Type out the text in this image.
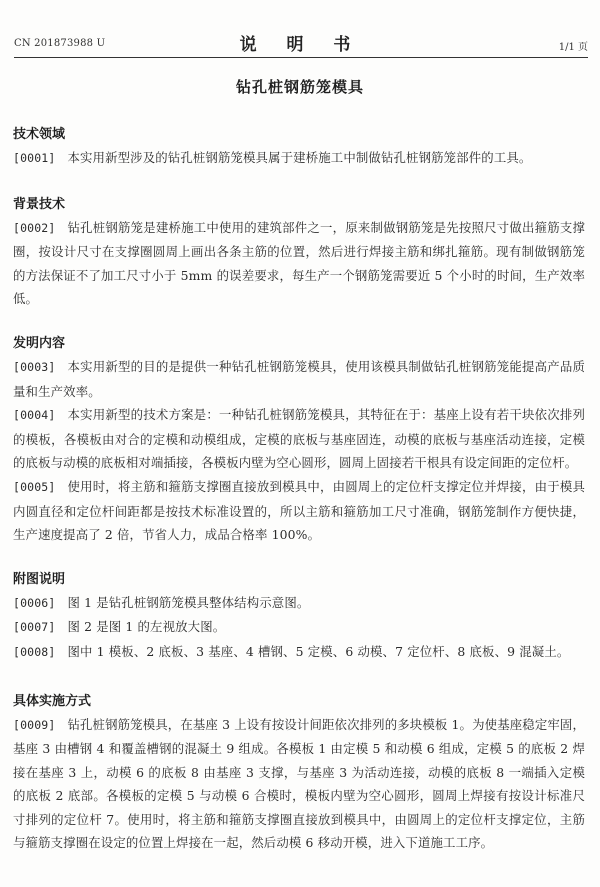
CN 201873988 U	说 明 书	1/1 页
钻孔桩钢筋笼模具

技术领域

[0001] 本实用新型涉及的钻孔桩钢筋笼模具属于建桥施工中制做钻孔桩钢筋笼部件的工具。

背景技术

[0002] 钻孔桩钢筋笼是建桥施工中使用的建筑部件之一，原来制做钢筋笼是先按照尺寸做出箍筋支撑圈，按设计尺寸在支撑圈圆周上画出各条主筋的位置，然后进行焊接主筋和绑扎箍筋。现有制做钢筋笼的方法保证不了加工尺寸小于 5mm 的误差要求，每生产一个钢筋笼需要近 5 个小时的时间，生产效率低。

发明内容

[0003] 本实用新型的目的是提供一种钻孔桩钢筋笼模具，使用该模具制做钻孔桩钢筋笼能提高产品质量和生产效率。

[0004] 本实用新型的技术方案是：一种钻孔桩钢筋笼模具，其特征在于：基座上设有若干块依次排列的模板，各模板由对合的定模和动模组成，定模的底板与基座固连，动模的底板与基座活动连接，定模的底板与动模的底板相对端插接，各模板内壁为空心圆形，圆周上固接若干根具有设定间距的定位杆。

[0005] 使用时，将主筋和箍筋支撑圈直接放到模具中，由圆周上的定位杆支撑定位并焊接，由于模具内圆直径和定位杆间距都是按技术标准设置的，所以主筋和箍筋加工尺寸准确，钢筋笼制作方便快捷，生产速度提高了 2 倍，节省人力，成品合格率 100%。

附图说明

[0006] 图 1 是钻孔桩钢筋笼模具整体结构示意图。

[0007] 图 2 是图 1 的左视放大图。

[0008] 图中 1 模板、2 底板、3 基座、4 槽钢、5 定模、6 动模、7 定位杆、8 底板、9 混凝土。

具体实施方式

[0009] 钻孔桩钢筋笼模具，在基座 3 上设有按设计间距依次排列的多块模板 1。为使基座稳定牢固，基座 3 由槽钢 4 和覆盖槽钢的混凝土 9 组成。各模板 1 由定模 5 和动模 6 组成，定模 5 的底板 2 焊接在基座 3 上，动模 6 的底板 8 由基座 3 支撑，与基座 3 为活动连接，动模的底板 8 一端插入定模的底板 2 底部。各模板的定模 5 与动模 6 合模时，模板内壁为空心圆形，圆周上焊接有按设计标准尺寸排列的定位杆 7。使用时，将主筋和箍筋支撑圈直接放到模具中，由圆周上的定位杆支撑定位，主筋与箍筋支撑圈在设定的位置上焊接在一起，然后动模 6 移动开模，进入下道施工工序。
